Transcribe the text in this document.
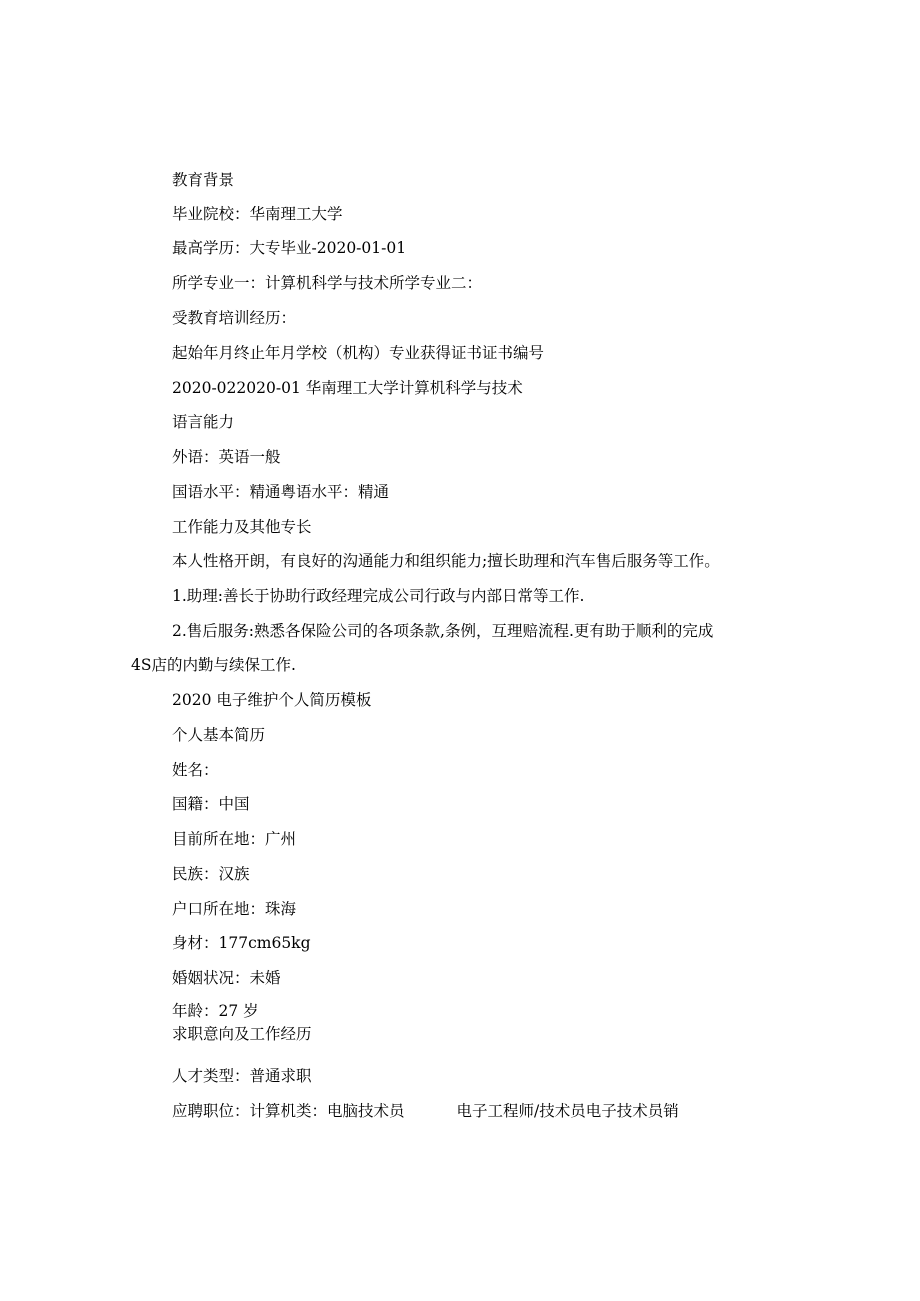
教育背景
毕业院校：华南理工大学
最高学历：大专毕业-2020-01-01
所学专业一：计算机科学与技术所学专业二：
受教育培训经历：
起始年月终止年月学校（机构）专业获得证书证书编号
2020-022020-01 华南理工大学计算机科学与技术
语言能力
外语：英语一般
国语水平：精通粤语水平：精通
工作能力及其他专长
本人性格开朗，有良好的沟通能力和组织能力;擅长助理和汽车售后服务等工作。
1.助理:善长于协助行政经理完成公司行政与内部日常等工作.
2.售后服务:熟悉各保险公司的各项条款,条例，互理赔流程.更有助于顺利的完成
4S店的内勤与续保工作.
2020 电子维护个人简历模板
个人基本简历
姓名：
国籍：中国
目前所在地：广州
民族：汉族
户口所在地：珠海
身材：177cm65kg
婚姻状况：未婚
年龄：27 岁
求职意向及工作经历
人才类型：普通求职
应聘职位：计算机类：电脑技术员	电子工程师/技术员电子技术员销
